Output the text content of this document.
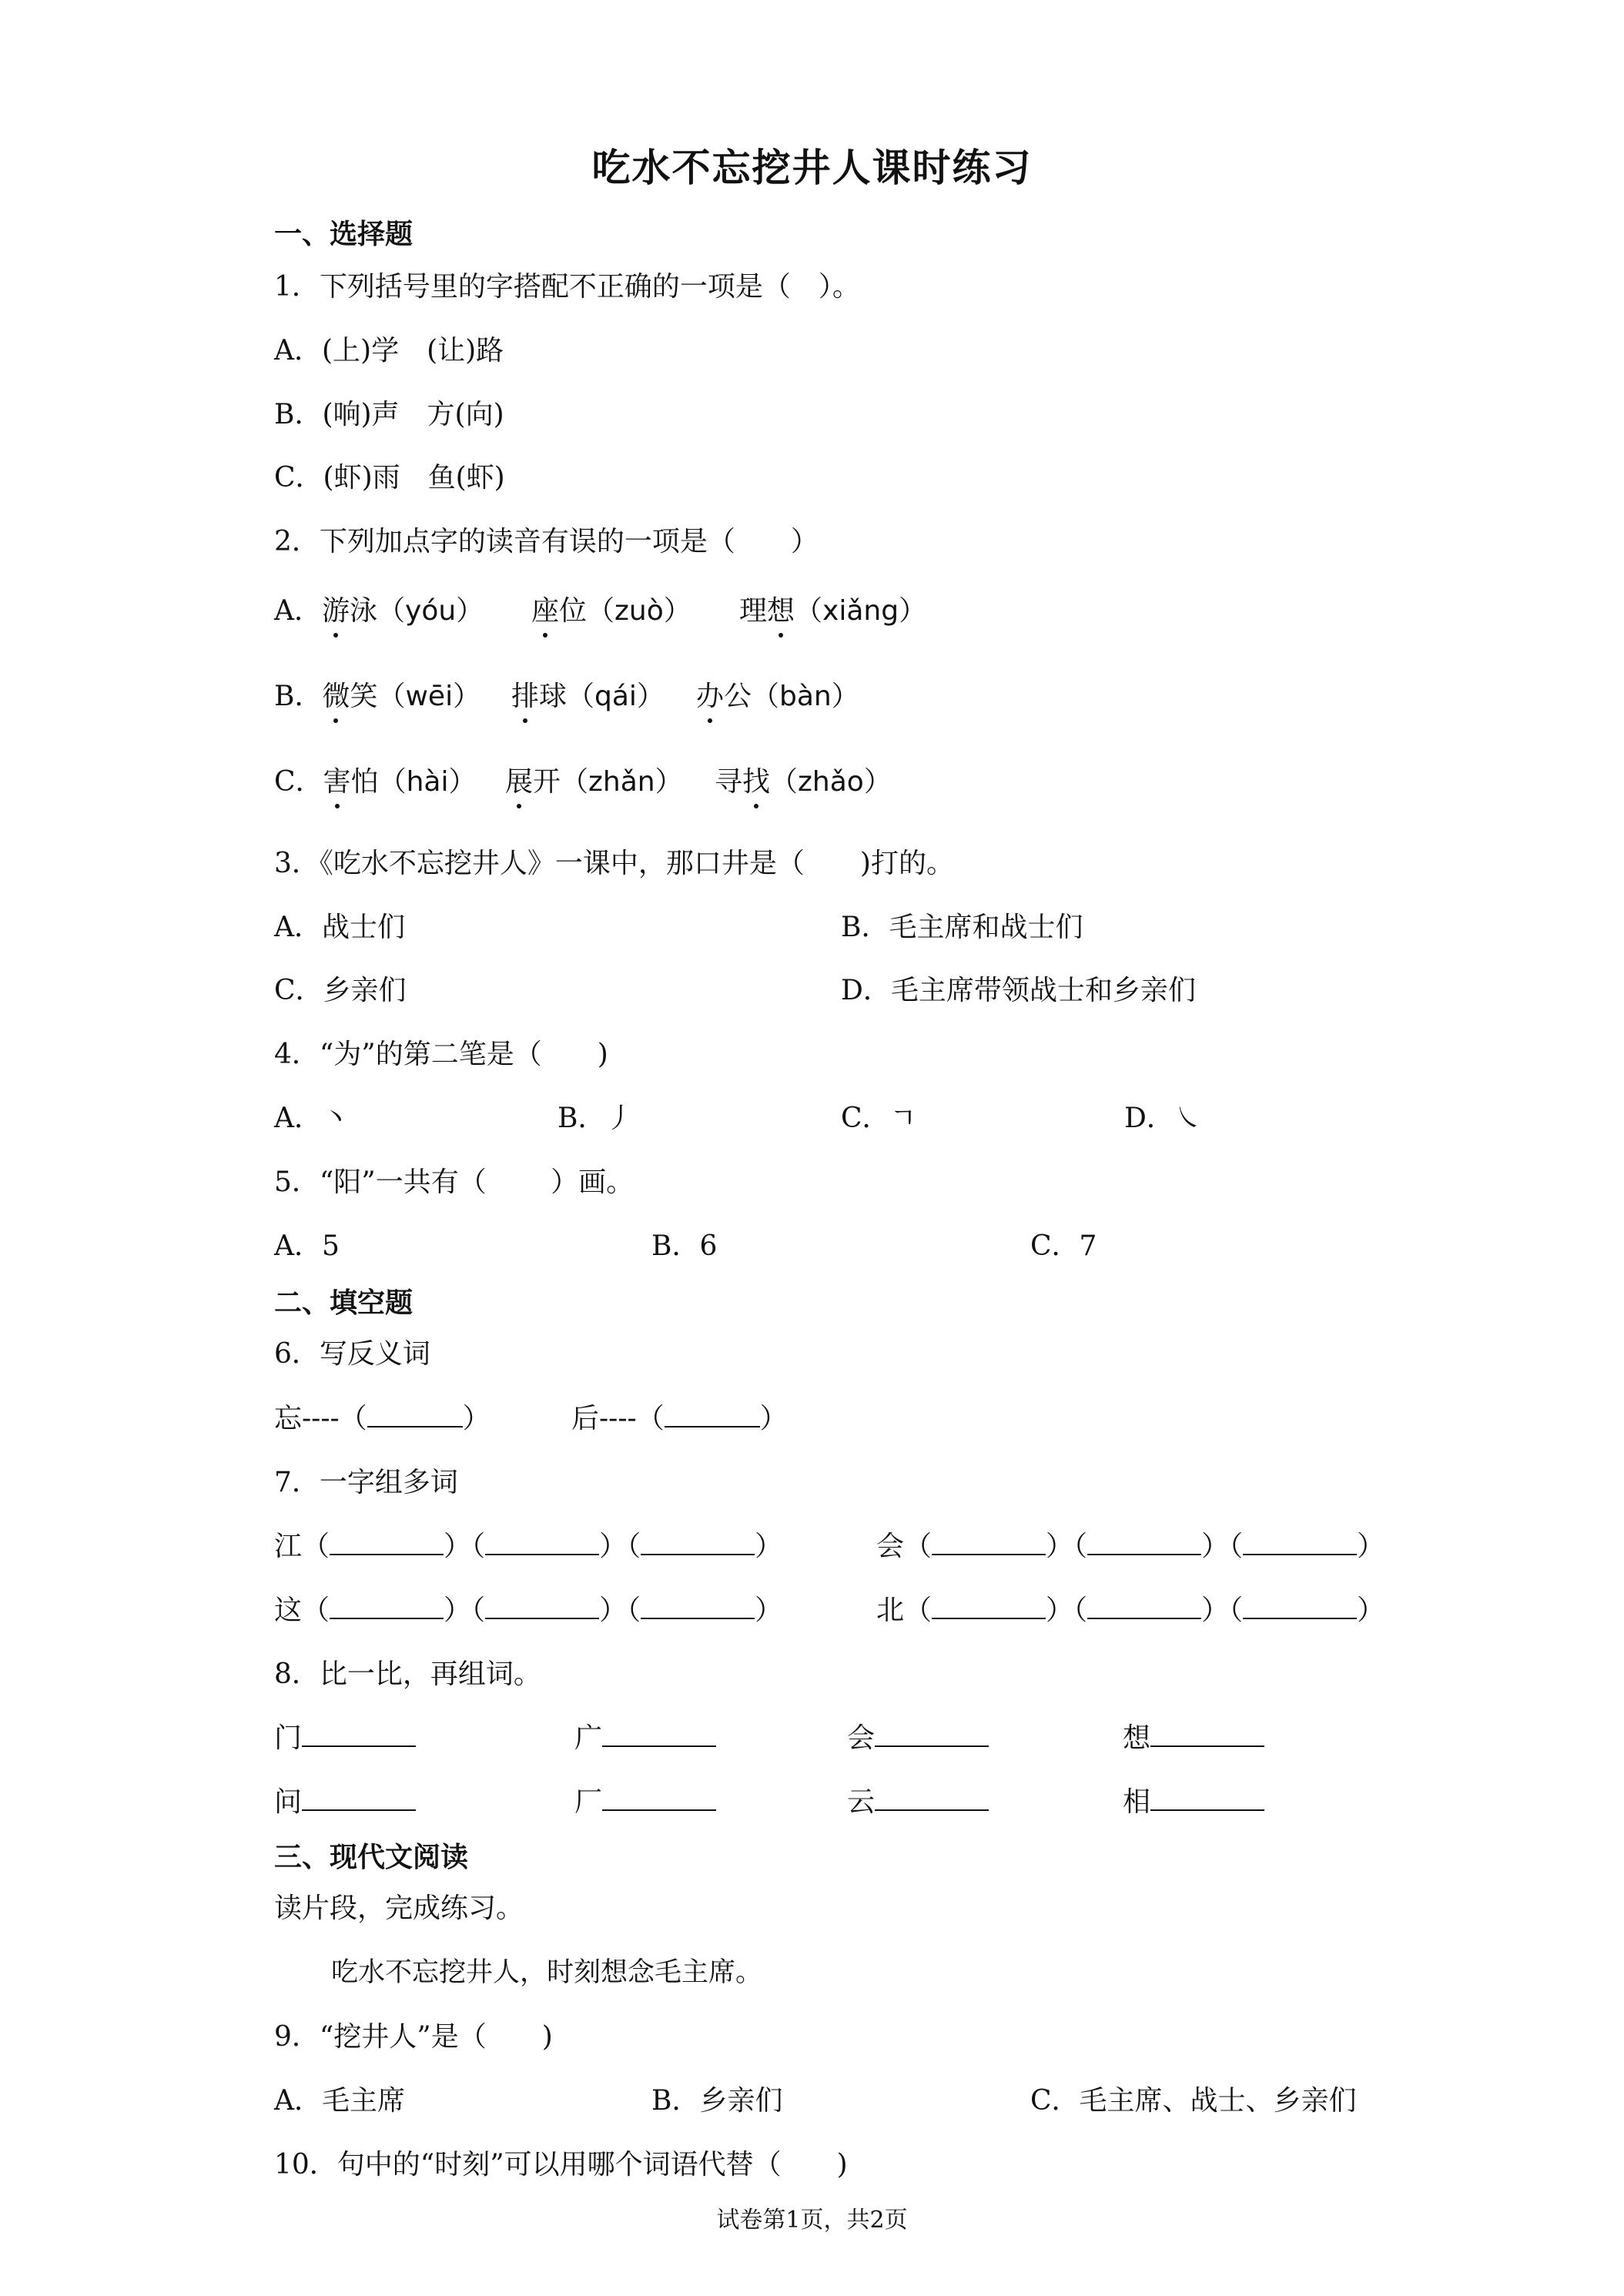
吃水不忘挖井人课时练习
一、选择题
1．下列括号里的字搭配不正确的一项是（　）。
A．(上)学　(让)路
B．(响)声　方(向)
C．(虾)雨　鱼(虾)
2．下列加点字的读音有误的一项是（　　）
A．游泳（yóu） 座位（zuò） 理想（xiǎng）
B．微笑（wēi） 排球（qái） 办公（bàn）
C．害怕（hài） 展开（zhǎn） 寻找（zhǎo）
3．《吃水不忘挖井人》一课中，那口井是（　　)打的。
A．战士们	B．毛主席和战士们
C．乡亲们	D．毛主席带领战士和乡亲们
4．“为”的第二笔是（　　)
A．丶	B．丿	C．ㄱ	D．㇏
5．“阳”一共有（　　 ）画。
A．5	B．6	C．7
二、填空题
6．写反义词
忘----（	）	后----（	）
7．一字组多词
江（	）（	）（	）	会（	）（	）（	）
这（	）（	）（	）	北（	）（	）（	）
8．比一比，再组词。
门	广	会	想
问	厂	云	相
三、现代文阅读
读片段，完成练习。
吃水不忘挖井人，时刻想念毛主席。
9．“挖井人”是（　　)
A．毛主席	B．乡亲们	C．毛主席、战士、乡亲们
10．句中的“时刻”可以用哪个词语代替（　　)
试卷第1页，共2页
